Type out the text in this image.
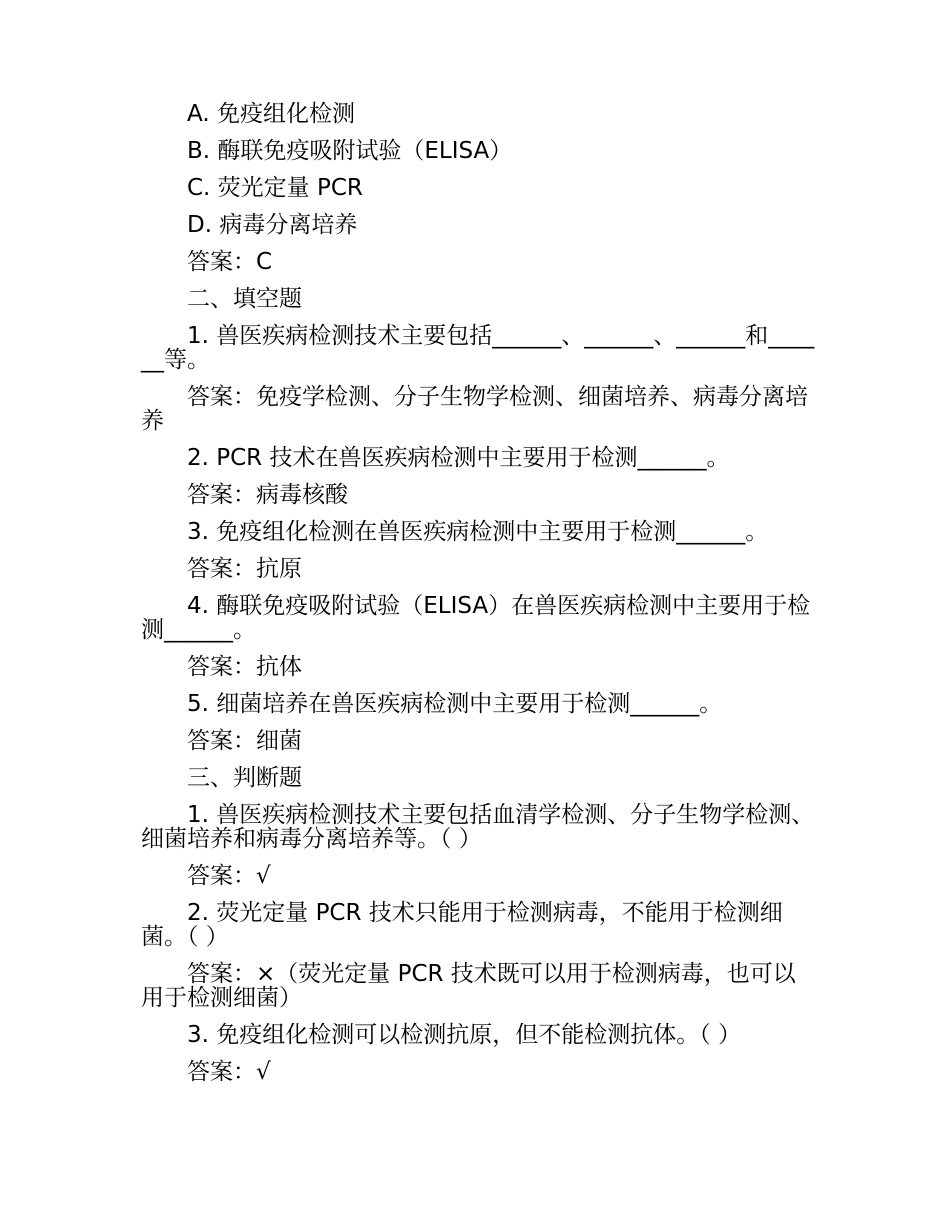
A. 免疫组化检测

B. 酶联免疫吸附试验（ELISA）

C. 荧光定量 PCR

D. 病毒分离培养

答案：C

二、填空题

1. 兽医疾病检测技术主要包括______、______、______和______等。

答案：免疫学检测、分子生物学检测、细菌培养、病毒分离培养

2. PCR 技术在兽医疾病检测中主要用于检测______。

答案：病毒核酸

3. 免疫组化检测在兽医疾病检测中主要用于检测______。

答案：抗原

4. 酶联免疫吸附试验（ELISA）在兽医疾病检测中主要用于检测______。

答案：抗体

5. 细菌培养在兽医疾病检测中主要用于检测______。

答案：细菌

三、判断题

1. 兽医疾病检测技术主要包括血清学检测、分子生物学检测、细菌培养和病毒分离培养等。（ ）

答案：√

2. 荧光定量 PCR 技术只能用于检测病毒，不能用于检测细菌。（ ）

答案：×（荧光定量 PCR 技术既可以用于检测病毒，也可以用于检测细菌）

3. 免疫组化检测可以检测抗原，但不能检测抗体。（ ）

答案：√
